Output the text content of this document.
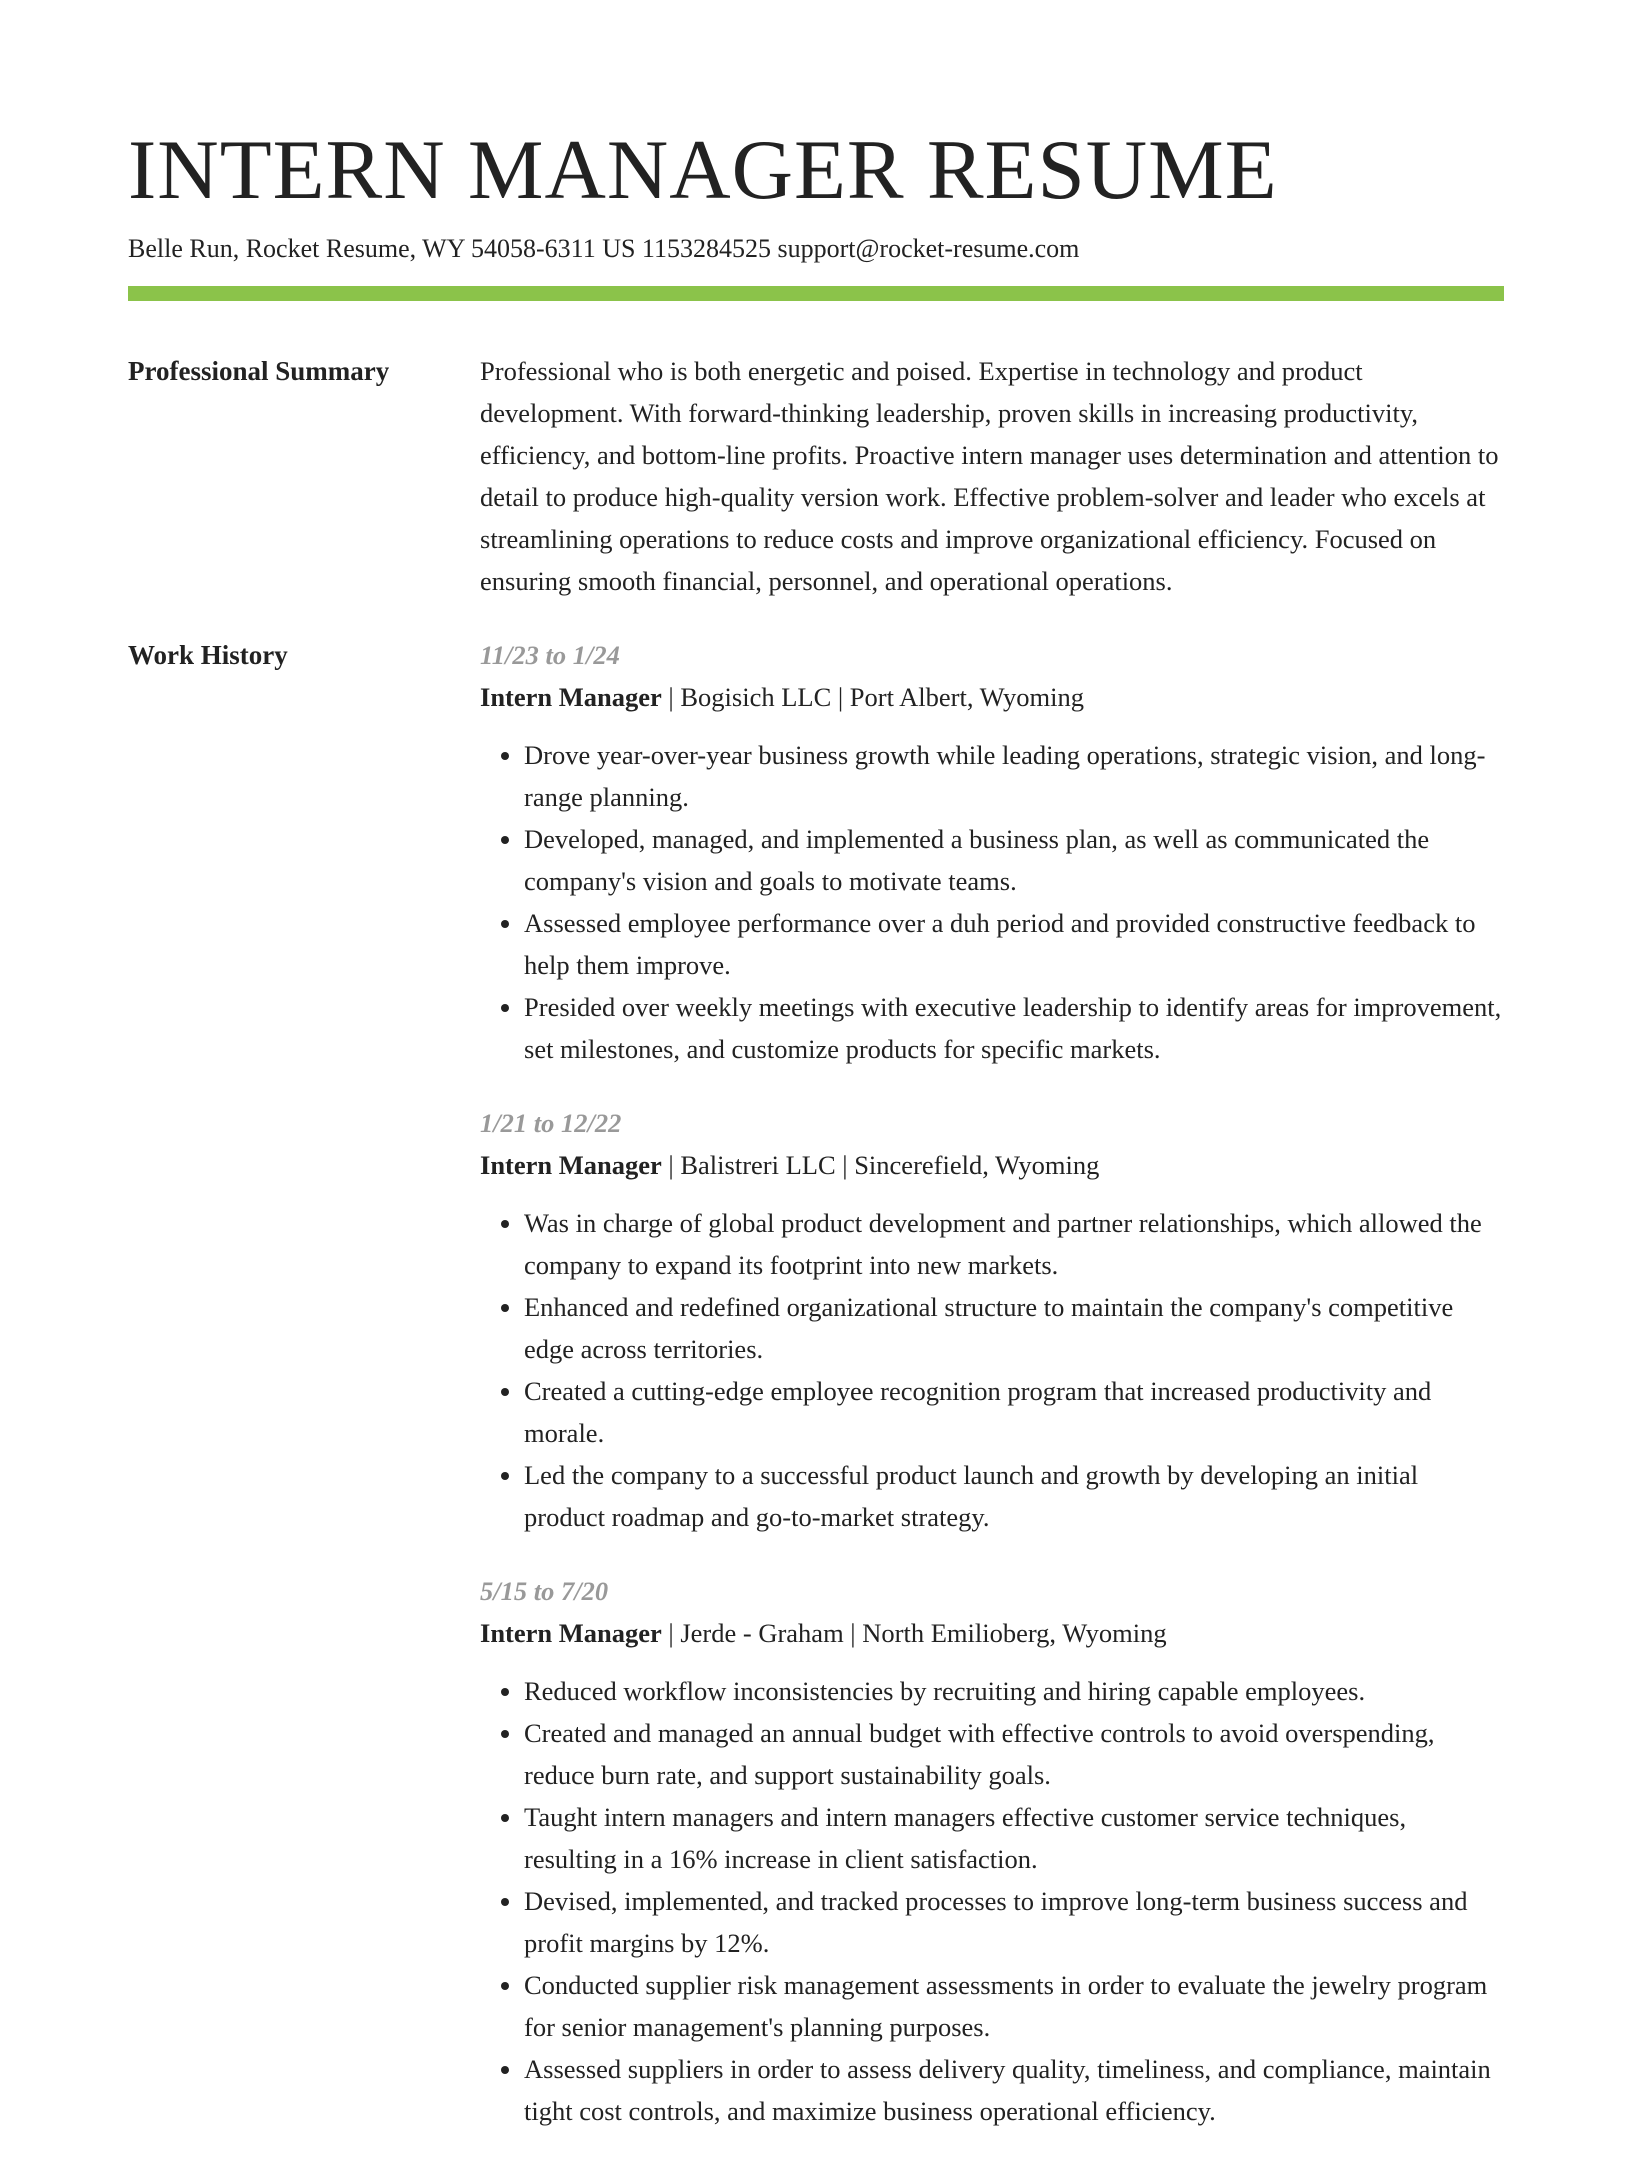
INTERN MANAGER RESUME
Belle Run, Rocket Resume, WY 54058-6311 US 1153284525 support@rocket-resume.com
Professional Summary	Professional who is both energetic and poised. Expertise in technology and product development. With forward-thinking leadership, proven skills in increasing productivity, efficiency, and bottom-line profits. Proactive intern manager uses determination and attention to detail to produce high-quality version work. Effective problem-solver and leader who excels at streamlining operations to reduce costs and improve organizational efficiency. Focused on ensuring smooth financial, personnel, and operational operations.

Work History	11/23 to 1/24
Intern Manager | Bogisich LLC | Port Albert, Wyoming
• Drove year-over-year business growth while leading operations, strategic vision, and long-range planning.
• Developed, managed, and implemented a business plan, as well as communicated the company's vision and goals to motivate teams.
• Assessed employee performance over a duh period and provided constructive feedback to help them improve.
• Presided over weekly meetings with executive leadership to identify areas for improvement, set milestones, and customize products for specific markets.
1/21 to 12/22
Intern Manager | Balistreri LLC | Sincerefield, Wyoming
• Was in charge of global product development and partner relationships, which allowed the company to expand its footprint into new markets.
• Enhanced and redefined organizational structure to maintain the company's competitive edge across territories.
• Created a cutting-edge employee recognition program that increased productivity and morale.
• Led the company to a successful product launch and growth by developing an initial product roadmap and go-to-market strategy.
5/15 to 7/20
Intern Manager | Jerde - Graham | North Emilioberg, Wyoming
• Reduced workflow inconsistencies by recruiting and hiring capable employees.
• Created and managed an annual budget with effective controls to avoid overspending, reduce burn rate, and support sustainability goals.
• Taught intern managers and intern managers effective customer service techniques, resulting in a 16% increase in client satisfaction.
• Devised, implemented, and tracked processes to improve long-term business success and profit margins by 12%.
• Conducted supplier risk management assessments in order to evaluate the jewelry program for senior management's planning purposes.
• Assessed suppliers in order to assess delivery quality, timeliness, and compliance, maintain tight cost controls, and maximize business operational efficiency.
